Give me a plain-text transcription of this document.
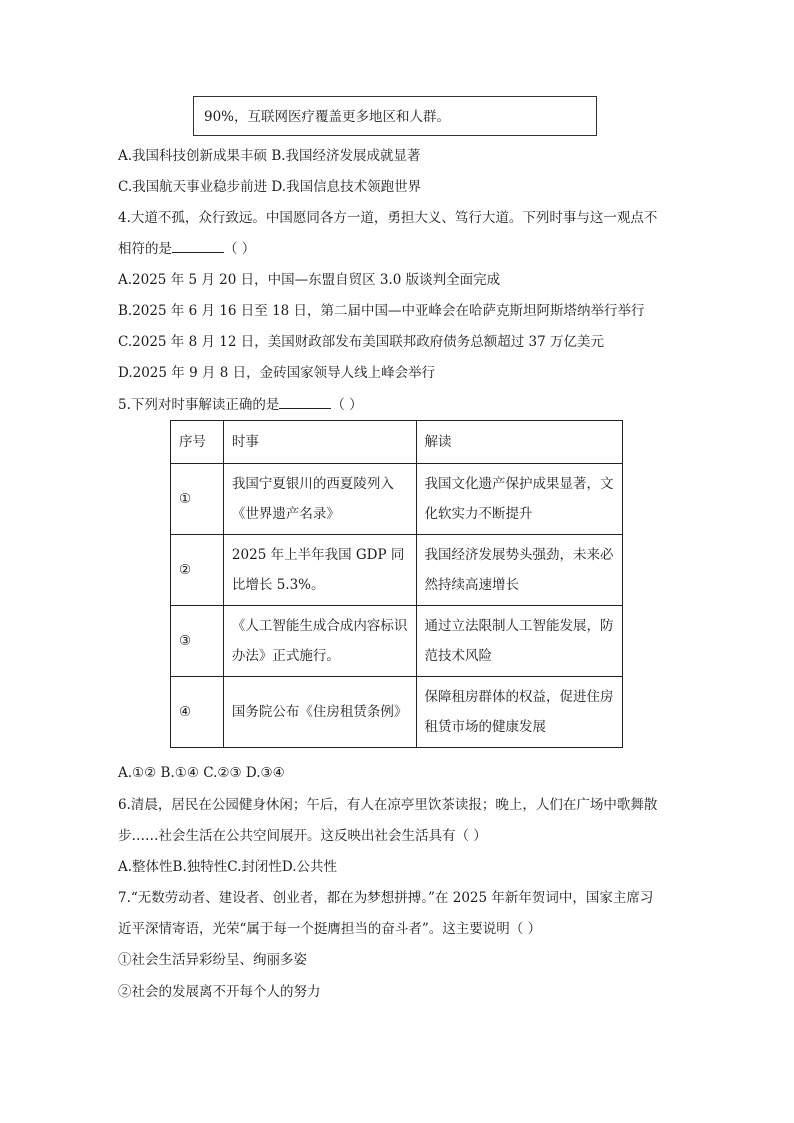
90%，互联网医疗覆盖更多地区和人群。
A.我国科技创新成果丰硕 B.我国经济发展成就显著
C.我国航天事业稳步前进 D.我国信息技术领跑世界
4.大道不孤，众行致远。中国愿同各方一道，勇担大义、笃行大道。下列时事与这一观点不
相符的是	（ ）
A.2025 年 5 月 20 日，中国—东盟自贸区 3.0 版谈判全面完成
B.2025 年 6 月 16 日至 18 日，第二届中国—中亚峰会在哈萨克斯坦阿斯塔纳举行举行
C.2025 年 8 月 12 日，美国财政部发布美国联邦政府债务总额超过 37 万亿美元
D.2025 年 9 月 8 日，金砖国家领导人线上峰会举行
5.下列对时事解读正确的是	（ ）
序号	时事	解读
①	我国宁夏银川的西夏陵列入《世界遗产名录》	我国文化遗产保护成果显著，文化软实力不断提升
②	2025 年上半年我国 GDP 同比增长 5.3%。	我国经济发展势头强劲，未来必然持续高速增长
③	《人工智能生成合成内容标识办法》正式施行。	通过立法限制人工智能发展，防范技术风险
④	国务院公布《住房租赁条例》	保障租房群体的权益，促进住房租赁市场的健康发展
A.①② B.①④ C.②③ D.③④
6.清晨，居民在公园健身休闲；午后，有人在凉亭里饮茶读报；晚上，人们在广场中歌舞散
步……社会生活在公共空间展开。这反映出社会生活具有（ ）
A.整体性B.独特性C.封闭性D.公共性
7.“无数劳动者、建设者、创业者，都在为梦想拼搏。”在 2025 年新年贺词中，国家主席习
近平深情寄语，光荣“属于每一个挺膺担当的奋斗者”。这主要说明（ ）
①社会生活异彩纷呈、绚丽多姿
②社会的发展离不开每个人的努力
